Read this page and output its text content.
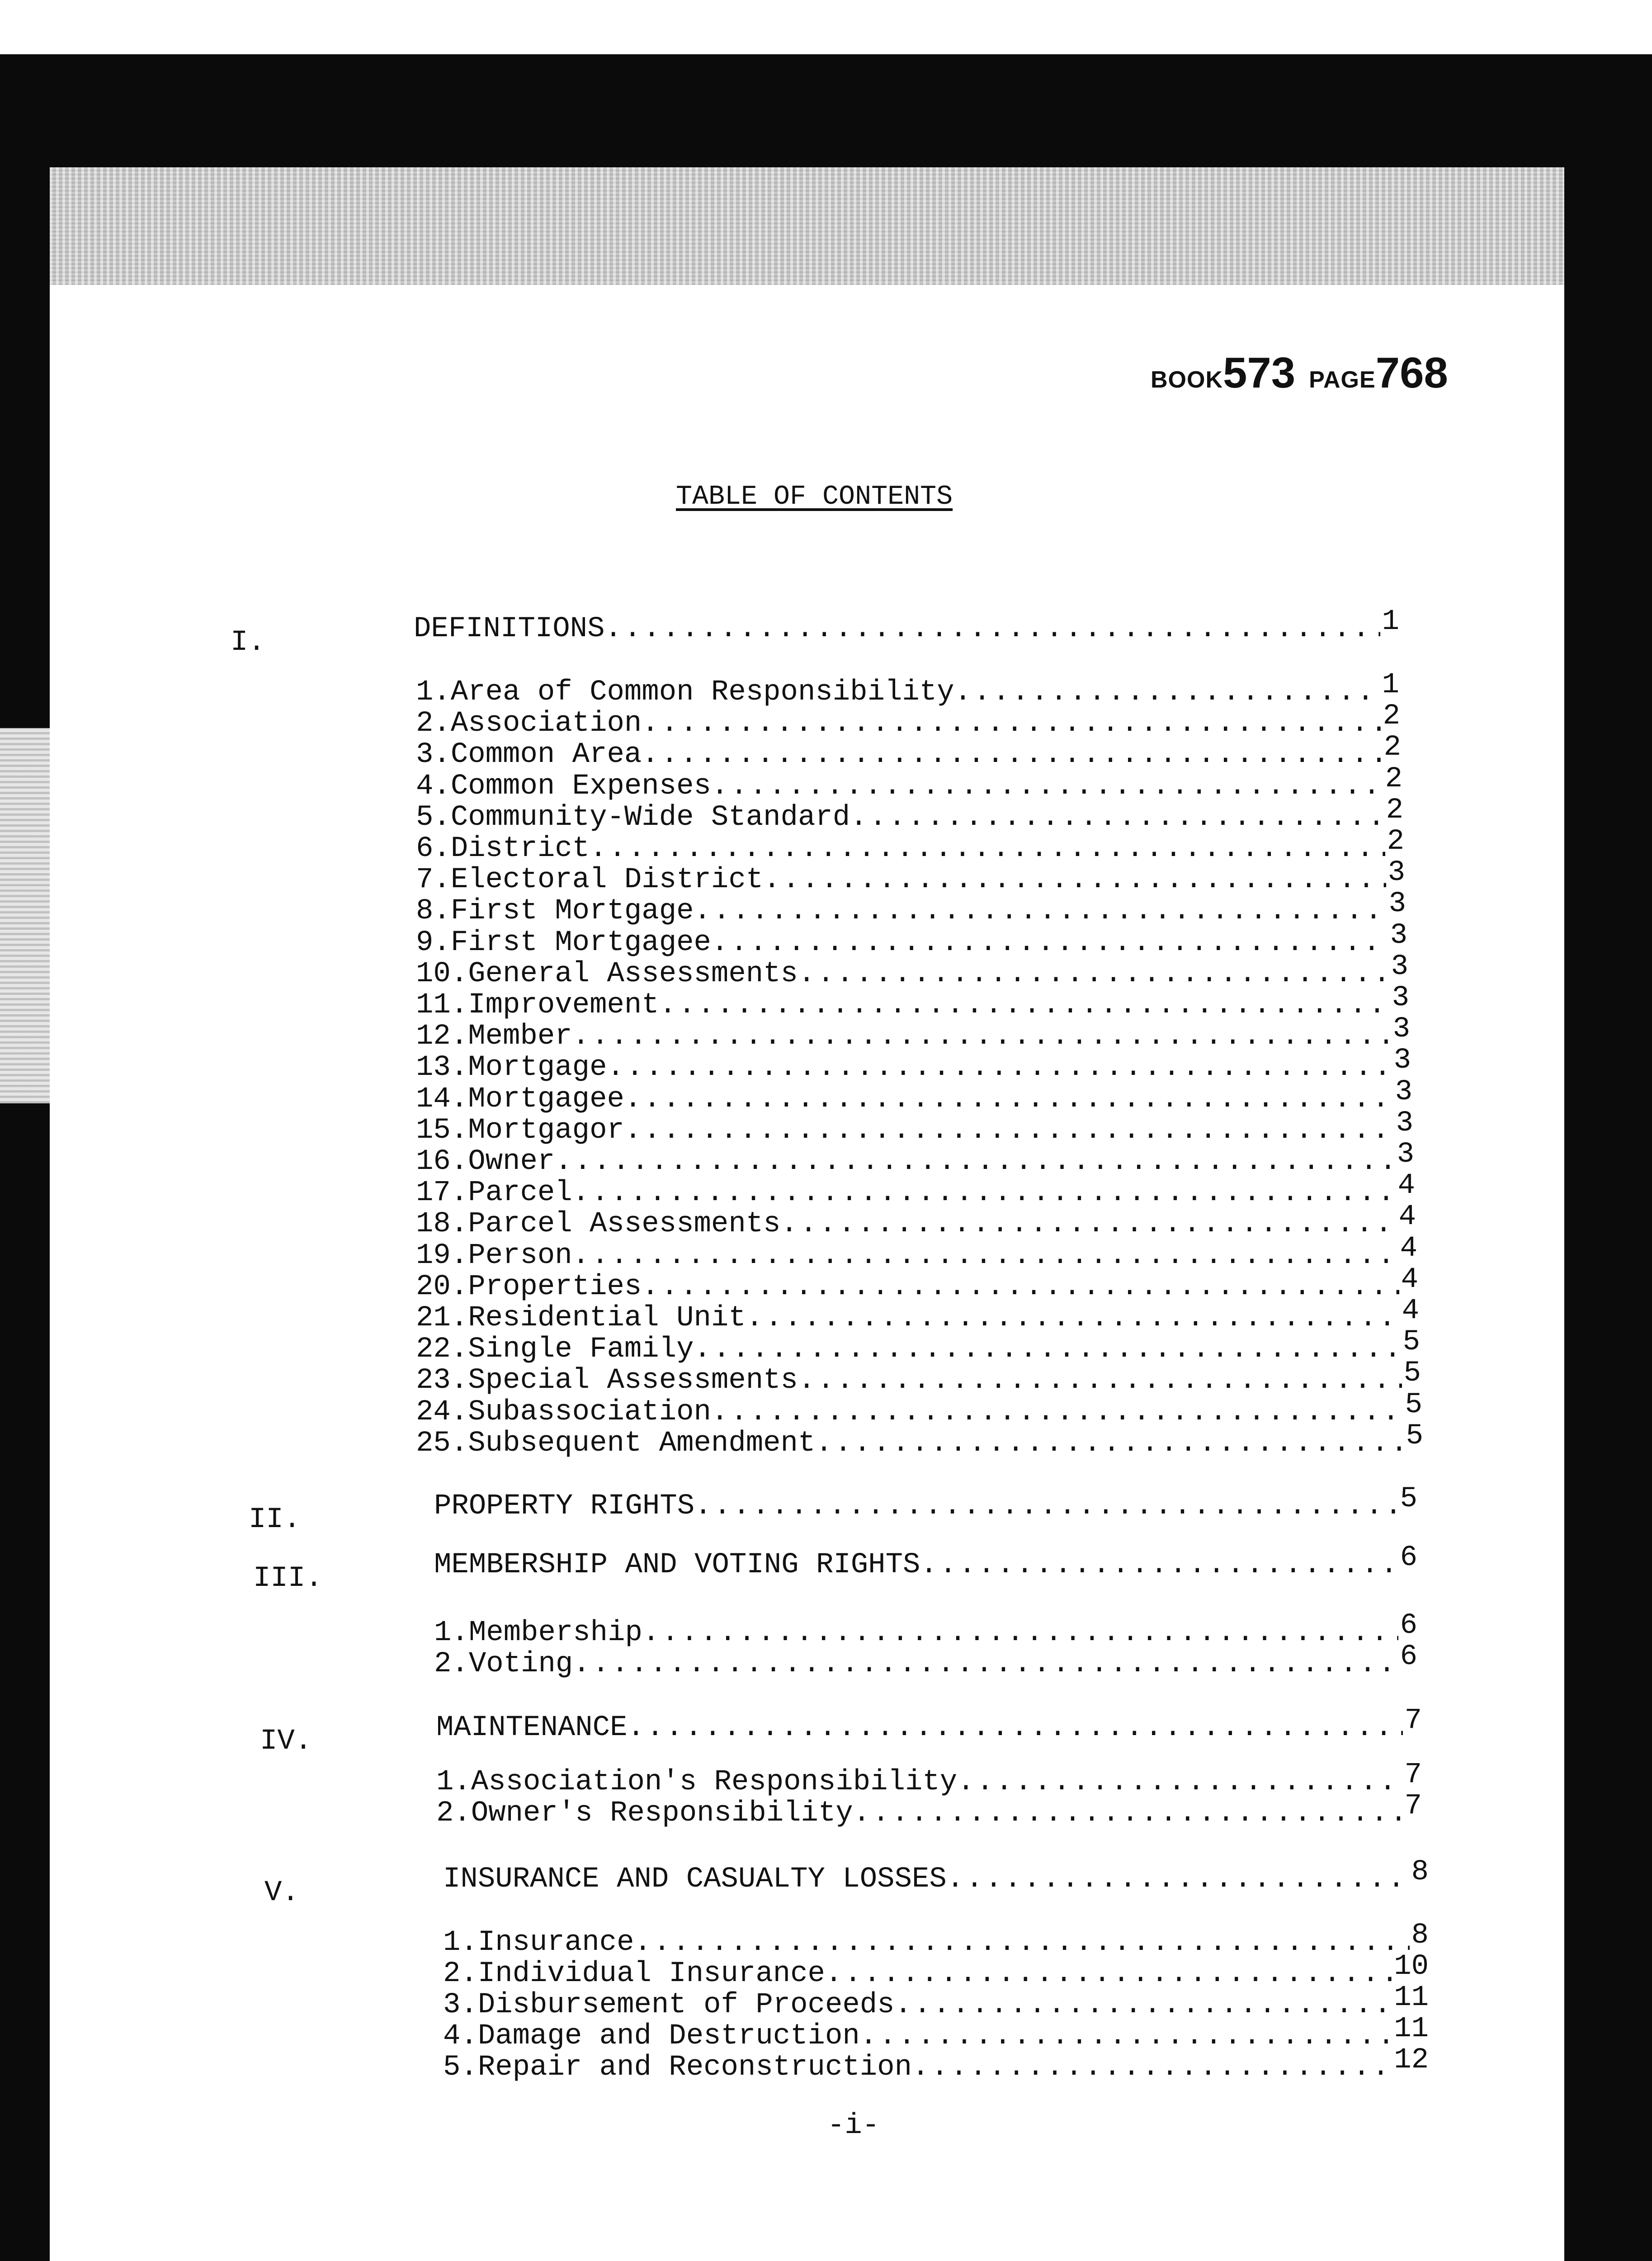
BOOK573 PAGE768
TABLE OF CONTENTS
I.	DEFINITIONS .....	1
1. Area of Common Responsibility .....	1
2. Association .....	2
3. Common Area .....	2
4. Common Expenses .....	2
5. Community-Wide Standard .....	2
6. District .....	2
7. Electoral District .....	3
8. First Mortgage .....	3
9. First Mortgagee .....	3
10. General Assessments .....	3
11. Improvement .....	3
12. Member .....	3
13. Mortgage .....	3
14. Mortgagee .....	3
15. Mortgagor .....	3
16. Owner .....	3
17. Parcel .....	4
18. Parcel Assessments .....	4
19. Person .....	4
20. Properties .....	4
21. Residential Unit .....	4
22. Single Family .....	5
23. Special Assessments .....	5
24. Subassociation .....	5
25. Subsequent Amendment .....	5
II.	PROPERTY RIGHTS .....	5
III.	MEMBERSHIP AND VOTING RIGHTS .....	6
1. Membership .....	6
2. Voting .....	6
IV.	MAINTENANCE .....	7
1. Association's Responsibility .....	7
2. Owner's Responsibility .....	7
V.	INSURANCE AND CASUALTY LOSSES .....	8
1. Insurance .....	8
2. Individual Insurance .....	10
3. Disbursement of Proceeds .....	11
4. Damage and Destruction .....	11
5. Repair and Reconstruction .....	12
-i-
